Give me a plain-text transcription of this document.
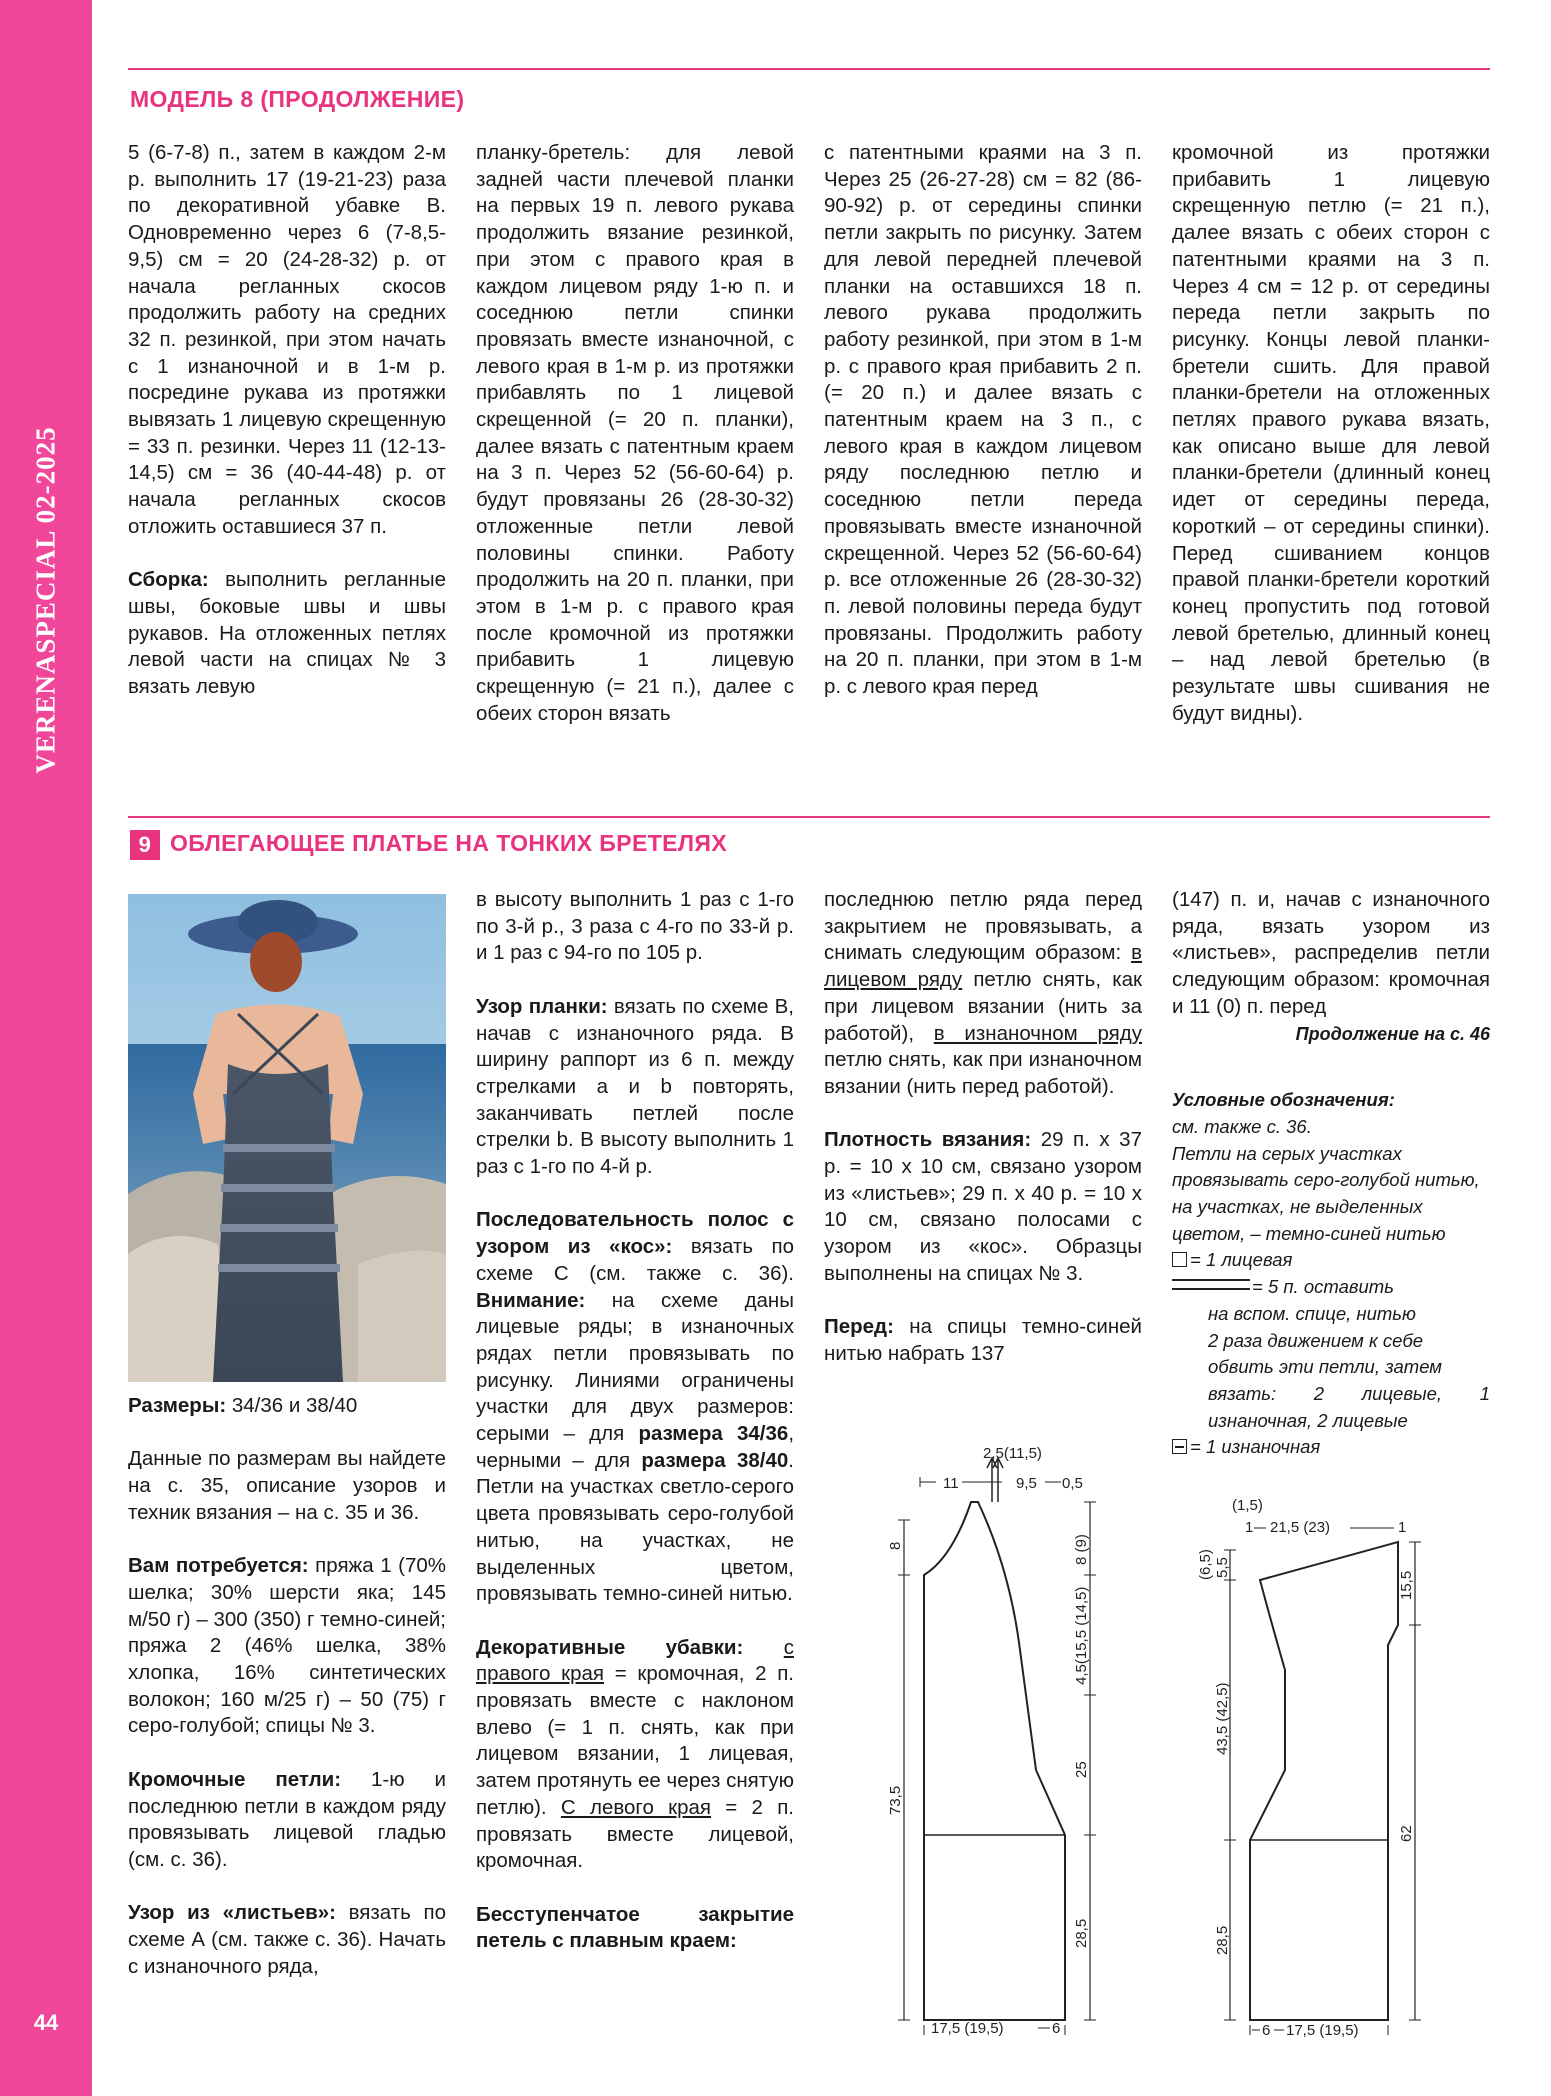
VERENASPECIAL 02-2025
44
МОДЕЛЬ 8 (ПРОДОЛЖЕНИЕ)

5 (6-7-8) п., затем в каждом 2-м р. выполнить 17 (19-21-23) раза по декоративной убавке В. Одновременно через 6 (7-8,5-9,5) см = 20 (24-28-32) р. от начала регланных скосов продолжить работу на средних 32 п. резинкой, при этом начать с 1 изнаночной и в 1-м р. посредине рукава из протяжки вывязать 1 лицевую скрещенную = 33 п. резинки. Через 11 (12-13-14,5) см = 36 (40-44-48) р. от начала регланных скосов отложить оставшиеся 37 п.

Сборка: выполнить регланные швы, боковые швы и швы рукавов. На отложенных петлях левой части на спицах № 3 вязать левую

планку-бретель: для левой задней части плечевой планки на первых 19 п. левого рукава продолжить вязание резинкой, при этом с правого края в каждом лицевом ряду 1-ю п. и соседнюю петли спинки провязать вместе изнаночной, с левого края в 1-м р. из протяжки прибавлять по 1 лицевой скрещенной (= 20 п. планки), далее вязать с патентным краем на 3 п. Через 52 (56-60-64) р. будут провязаны 26 (28-30-32) отложенные петли левой половины спинки. Работу продолжить на 20 п. планки, при этом в 1-м р. с правого края после кромочной из протяжки прибавить 1 лицевую скрещенную (= 21 п.), далее с обеих сторон вязать

с патентными краями на 3 п. Через 25 (26-27-28) см = 82 (86-90-92) р. от середины спинки петли закрыть по рисунку. Затем для левой передней плечевой планки на оставшихся 18 п. левого рукава продолжить работу резинкой, при этом в 1-м р. с правого края прибавить 2 п. (= 20 п.) и далее вязать с патентным краем на 3 п., с левого края в каждом лицевом ряду последнюю петлю и соседнюю петли переда провязывать вместе изнаночной скрещенной. Через 52 (56-60-64) р. все отложенные 26 (28-30-32) п. левой половины переда будут провязаны. Продолжить работу на 20 п. планки, при этом в 1-м р. с левого края перед

кромочной из протяжки прибавить 1 лицевую скрещенную петлю (= 21 п.), далее вязать с обеих сторон с патентными краями на 3 п. Через 4 см = 12 р. от середины переда петли закрыть по рисунку. Концы левой планки-бретели сшить. Для правой планки-бретели на отложенных петлях правого рукава вязать, как описано выше для левой планки-бретели (длинный конец идет от середины переда, короткий – от середины спинки). Перед сшиванием концов правой планки-бретели короткий конец пропустить под готовой левой бретелью, длинный конец – над левой бретелью (в результате швы сшивания не будут видны).

9 ОБЛЕГАЮЩЕЕ ПЛАТЬЕ НА ТОНКИХ БРЕТЕЛЯХ

Размеры: 34/36 и 38/40

Данные по размерам вы найдете на с. 35, описание узоров и техник вязания – на с. 35 и 36.

Вам потребуется: пряжа 1 (70% шелка; 30% шерсти яка; 145 м/50 г) – 300 (350) г темно-синей; пряжа 2 (46% шелка, 38% хлопка, 16% синтетических волокон; 160 м/25 г) – 50 (75) г серо-голубой; спицы № 3.

Кромочные петли: 1-ю и последнюю петли в каждом ряду провязывать лицевой гладью (см. с. 36).

Узор из «листьев»: вязать по схеме А (см. также с. 36). Начать с изнаночного ряда,

в высоту выполнить 1 раз с 1-го по 3-й р., 3 раза с 4-го по 33-й р. и 1 раз с 94-го по 105 р.

Узор планки: вязать по схеме В, начав с изнаночного ряда. В ширину раппорт из 6 п. между стрелками a и b повторять, заканчивать петлей после стрелки b. В высоту выполнить 1 раз с 1-го по 4-й р.

Последовательность полос с узором из «кос»: вязать по схеме С (см. также с. 36). Внимание: на схеме даны лицевые ряды; в изнаночных рядах петли провязывать по рисунку. Линиями ограничены участки для двух размеров: серыми – для размера 34/36, черными – для размера 38/40. Петли на участках светло-серого цвета провязывать серо-голубой нитью, на участках, не выделенных цветом, провязывать темно-синей нитью.

Декоративные убавки: с правого края = кромочная, 2 п. провязать вместе с наклоном влево (= 1 п. снять, как при лицевом вязании, 1 лицевая, затем протянуть ее через снятую петлю). С левого края = 2 п. провязать вместе лицевой, кромочная.

Бесступенчатое закрытие петель с плавным краем:

последнюю петлю ряда перед закрытием не провязывать, а снимать следующим образом: в лицевом ряду петлю снять, как при лицевом вязании (нить за работой), в изнаночном ряду петлю снять, как при изнаночном вязании (нить перед работой).

Плотность вязания: 29 п. x 37 р. = 10 x 10 см, связано узором из «листьев»; 29 п. x 40 р. = 10 x 10 см, связано полосами с узором из «кос». Образцы выполнены на спицах № 3.

Перед: на спицы темно-синей нитью набрать 137

(147) п. и, начав с изнаночного ряда, вязать узором из «листьев», распределив петли следующим образом: кромочная и 11 (0) п. перед

Продолжение на с. 46
Условные обозначения:
см. также с. 36.
Петли на серых участках провязывать серо-голубой нитью, на участках, не выделенных цветом, – темно-синей нитью
= 1 лицевая
= 5 п. оставить
на вспом. спице, нитью
2 раза движением к себе
обвить эти петли, затем
вязать: 2 лицевые, 1 изнаночная, 2 лицевые
= 1 изнаночная
2,5(11,5)
11	9,5 0,5
8
73,5
8 (9)
4,5(15,5 (14,5)
25
28,5
17,5 (19,5)	6
(1,5)
1 21,5 (23)	1
(6,5) 5,5
43,5 (42,5)
28,5
15,5
62
6 17,5 (19,5)
